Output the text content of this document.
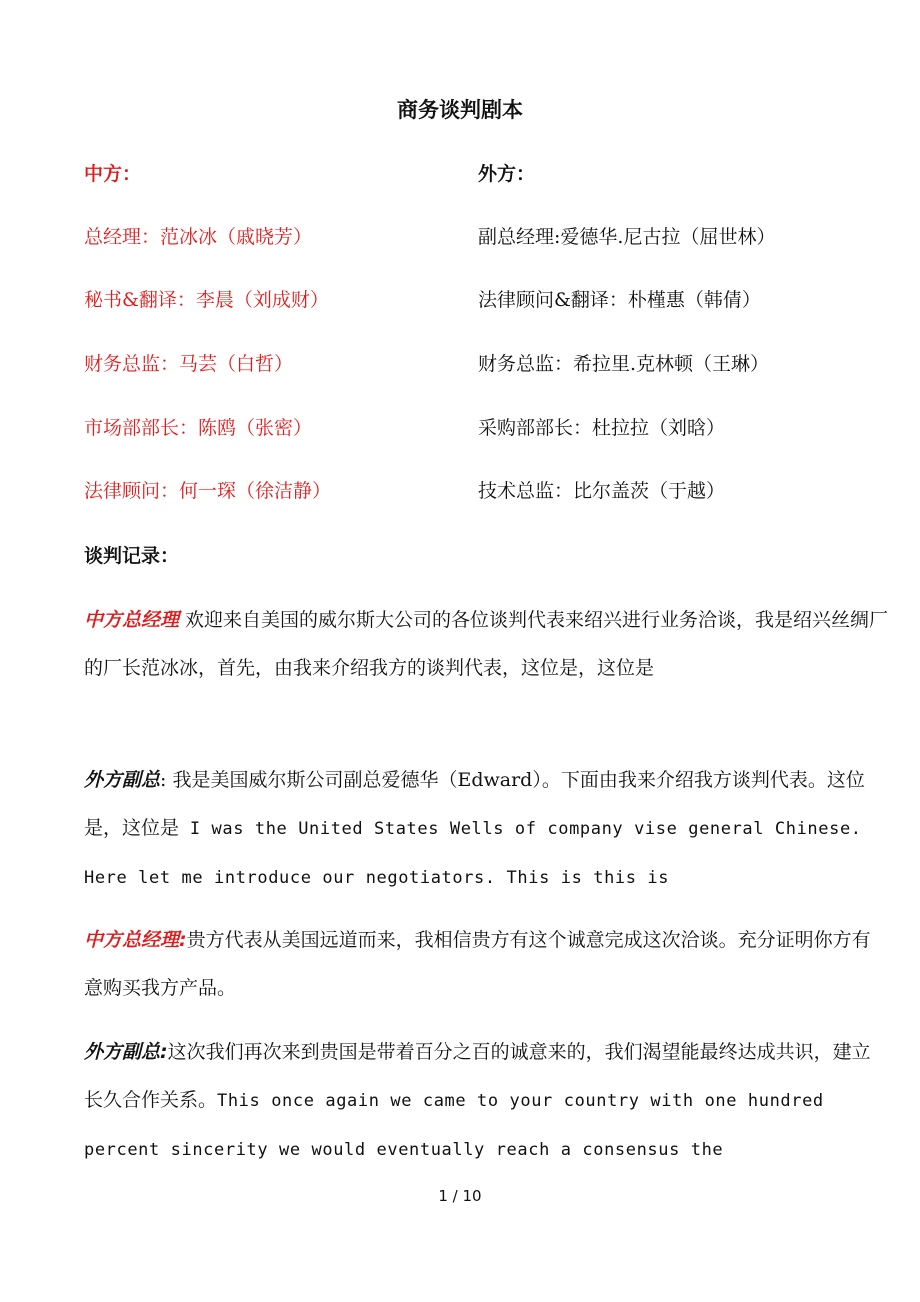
商务谈判剧本
中方：	外方：
总经理：范冰冰（戚晓芳）
秘书&翻译：李晨（刘成财）
财务总监：马芸（白哲）
市场部部长：陈鸥（张密）
法律顾问：何一琛（徐洁静）
副总经理:爱德华.尼古拉（屈世林）
法律顾问&翻译：朴槿惠（韩倩）
财务总监：希拉里.克林顿（王琳）
采购部部长：杜拉拉（刘晗）
技术总监：比尔盖茨（于越）
谈判记录：

中方总经理 欢迎来自美国的威尔斯大公司的各位谈判代表来绍兴进行业务洽谈，我是绍兴丝绸厂的厂长范冰冰，首先，由我来介绍我方的谈判代表，这位是，这位是

外方副总: 我是美国威尔斯公司副总爱德华（Edward）。下面由我来介绍我方谈判代表。这位是，这位是 I was the United States Wells of company vise general Chinese. Here let me introduce our negotiators. This is this is

中方总经理:贵方代表从美国远道而来，我相信贵方有这个诚意完成这次洽谈。充分证明你方有意购买我方产品。

外方副总:这次我们再次来到贵国是带着百分之百的诚意来的，我们渴望能最终达成共识，建立长久合作关系。This once again we came to your country with one hundred percent sincerity we would eventually reach a consensus the

1 / 10
